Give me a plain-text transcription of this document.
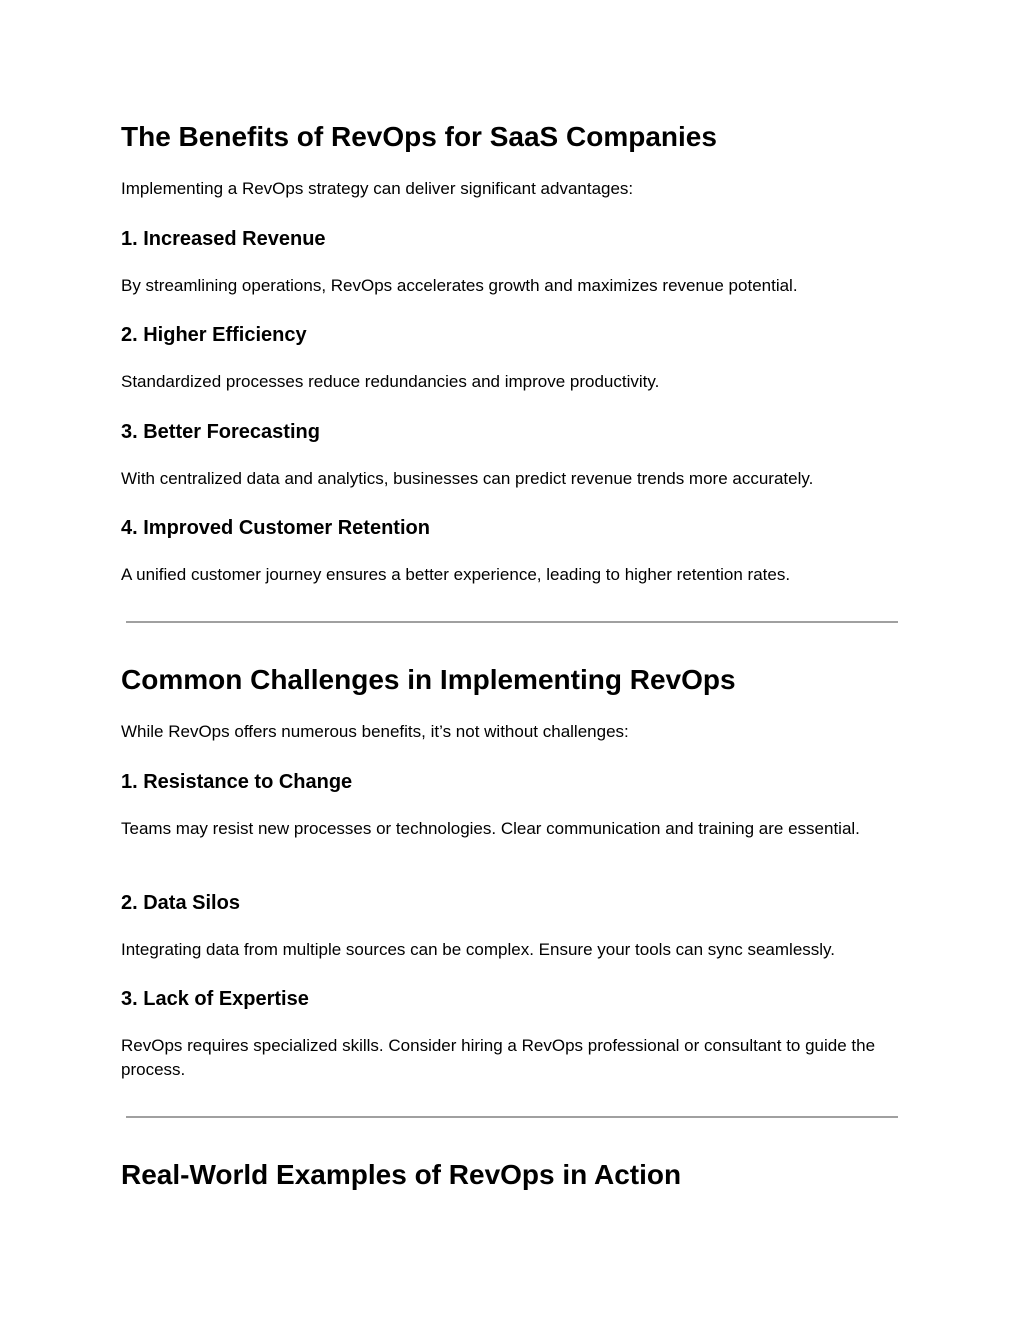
The Benefits of RevOps for SaaS Companies

Implementing a RevOps strategy can deliver significant advantages:

1. Increased Revenue

By streamlining operations, RevOps accelerates growth and maximizes revenue potential.

2. Higher Efficiency

Standardized processes reduce redundancies and improve productivity.

3. Better Forecasting

With centralized data and analytics, businesses can predict revenue trends more accurately.

4. Improved Customer Retention

A unified customer journey ensures a better experience, leading to higher retention rates.

Common Challenges in Implementing RevOps

While RevOps offers numerous benefits, it’s not without challenges:

1. Resistance to Change

Teams may resist new processes or technologies. Clear communication and training are essential.

2. Data Silos

Integrating data from multiple sources can be complex. Ensure your tools can sync seamlessly.

3. Lack of Expertise

RevOps requires specialized skills. Consider hiring a RevOps professional or consultant to guide the process.

Real-World Examples of RevOps in Action
